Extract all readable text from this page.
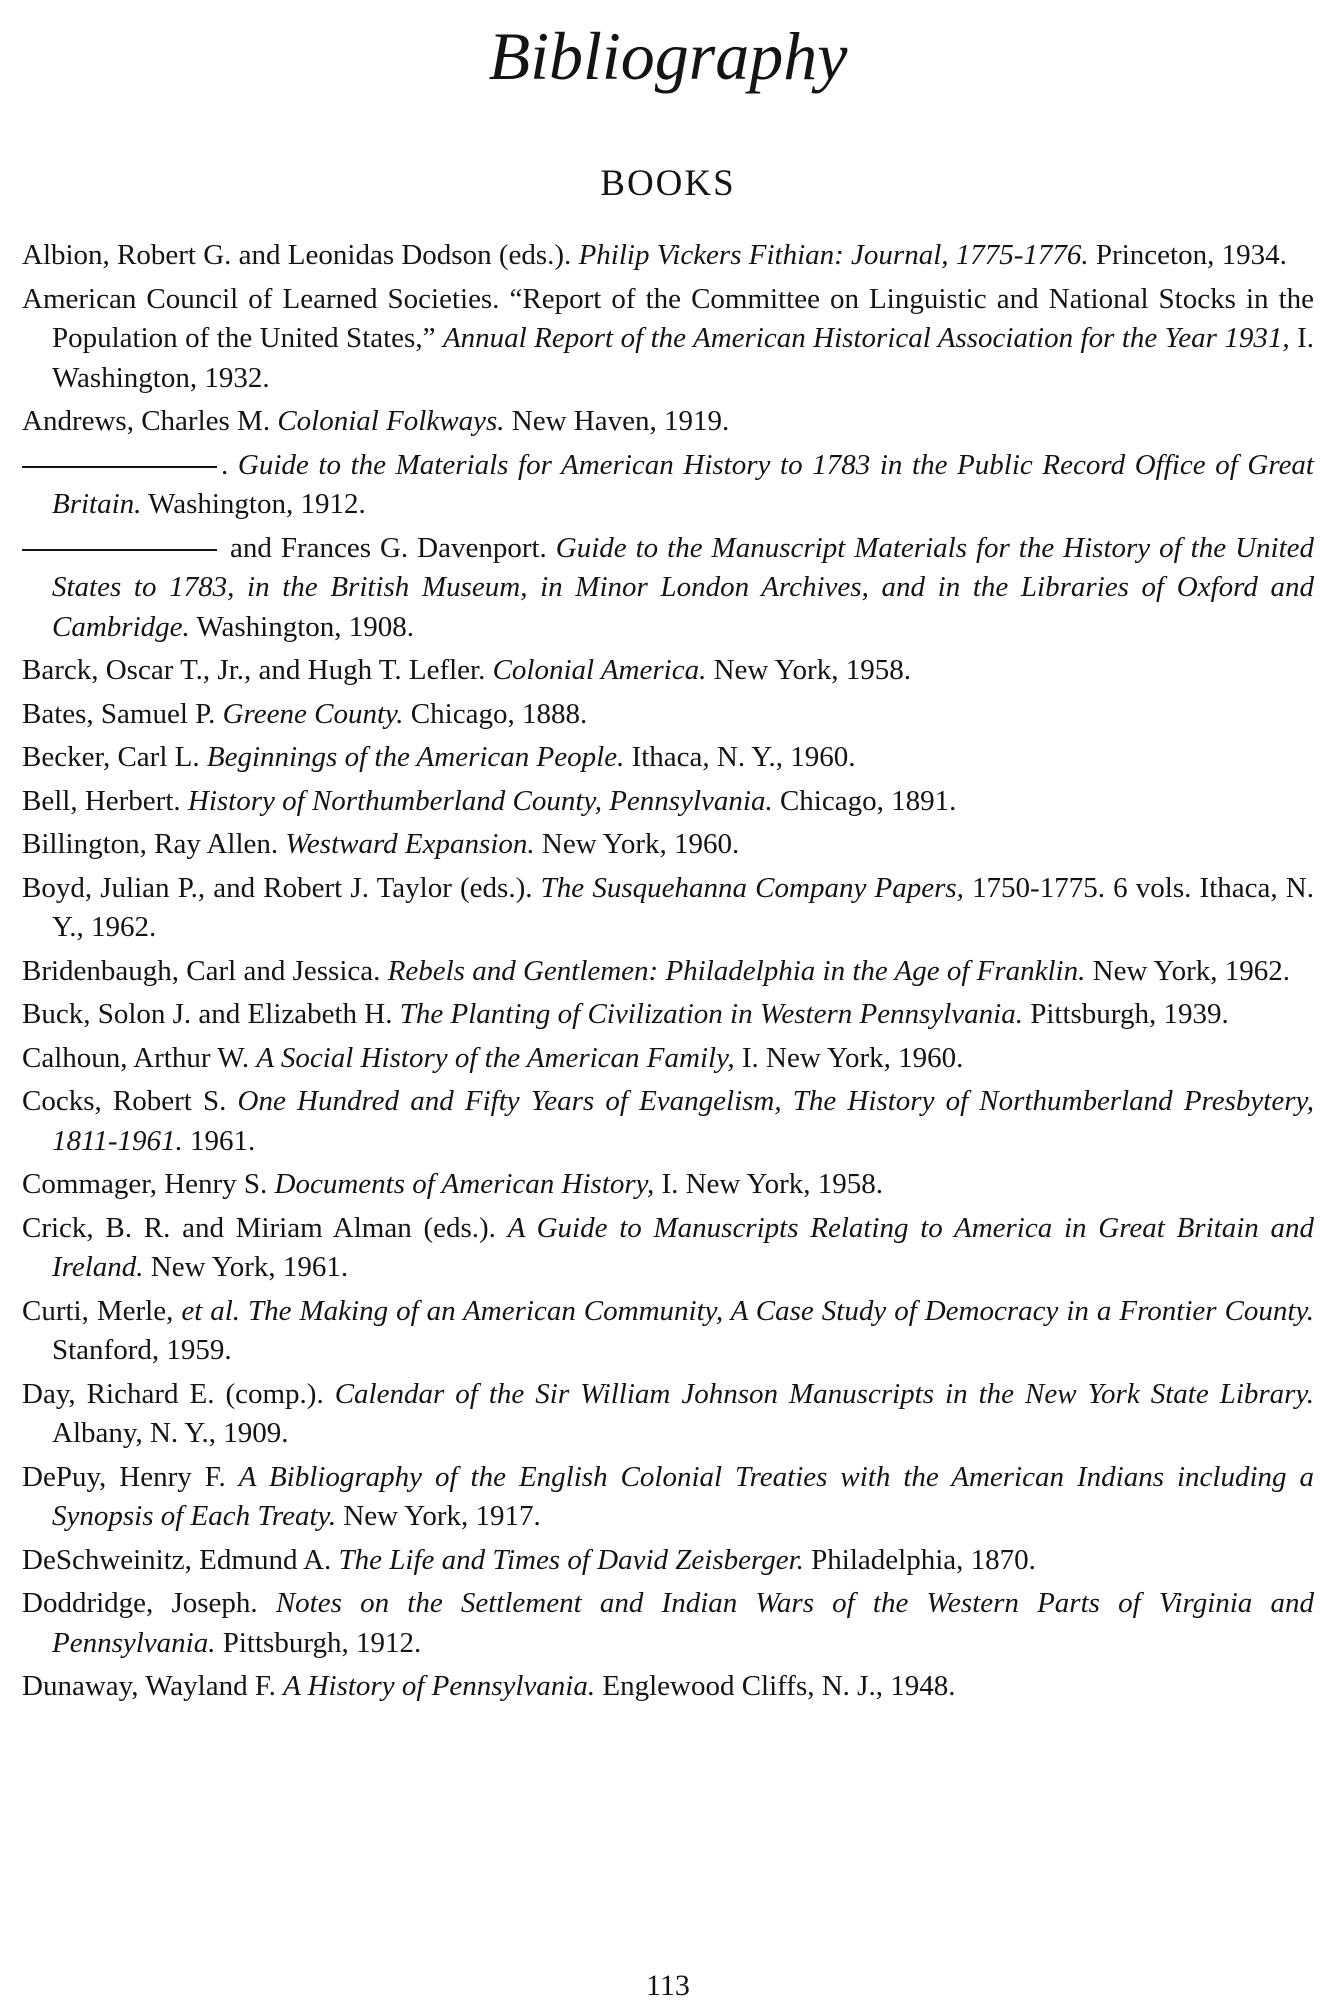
Bibliography
BOOKS
Albion, Robert G. and Leonidas Dodson (eds.). Philip Vickers Fithian: Journal, 1775-1776. Princeton, 1934.
American Council of Learned Societies. “Report of the Committee on Linguistic and National Stocks in the Population of the United States,” Annual Report of the American Historical Association for the Year 1931, I. Washington, 1932.
Andrews, Charles M. Colonial Folkways. New Haven, 1919.
. Guide to the Materials for American History to 1783 in the Public Record Office of Great Britain. Washington, 1912.
and Frances G. Davenport. Guide to the Manuscript Materials for the History of the United States to 1783, in the British Museum, in Minor London Archives, and in the Libraries of Oxford and Cambridge. Washington, 1908.
Barck, Oscar T., Jr., and Hugh T. Lefler. Colonial America. New York, 1958.
Bates, Samuel P. Greene County. Chicago, 1888.
Becker, Carl L. Beginnings of the American People. Ithaca, N. Y., 1960.
Bell, Herbert. History of Northumberland County, Pennsylvania. Chicago, 1891.
Billington, Ray Allen. Westward Expansion. New York, 1960.
Boyd, Julian P., and Robert J. Taylor (eds.). The Susquehanna Company Papers, 1750-1775. 6 vols. Ithaca, N. Y., 1962.
Bridenbaugh, Carl and Jessica. Rebels and Gentlemen: Philadelphia in the Age of Franklin. New York, 1962.
Buck, Solon J. and Elizabeth H. The Planting of Civilization in Western Pennsylvania. Pittsburgh, 1939.
Calhoun, Arthur W. A Social History of the American Family, I. New York, 1960.
Cocks, Robert S. One Hundred and Fifty Years of Evangelism, The History of Northumberland Presbytery, 1811-1961. 1961.
Commager, Henry S. Documents of American History, I. New York, 1958.
Crick, B. R. and Miriam Alman (eds.). A Guide to Manuscripts Relating to America in Great Britain and Ireland. New York, 1961.
Curti, Merle, et al. The Making of an American Community, A Case Study of Democracy in a Frontier County. Stanford, 1959.
Day, Richard E. (comp.). Calendar of the Sir William Johnson Manuscripts in the New York State Library. Albany, N. Y., 1909.
DePuy, Henry F. A Bibliography of the English Colonial Treaties with the American Indians including a Synopsis of Each Treaty. New York, 1917.
DeSchweinitz, Edmund A. The Life and Times of David Zeisberger. Philadelphia, 1870.
Doddridge, Joseph. Notes on the Settlement and Indian Wars of the Western Parts of Virginia and Pennsylvania. Pittsburgh, 1912.
Dunaway, Wayland F. A History of Pennsylvania. Englewood Cliffs, N. J., 1948.
113
